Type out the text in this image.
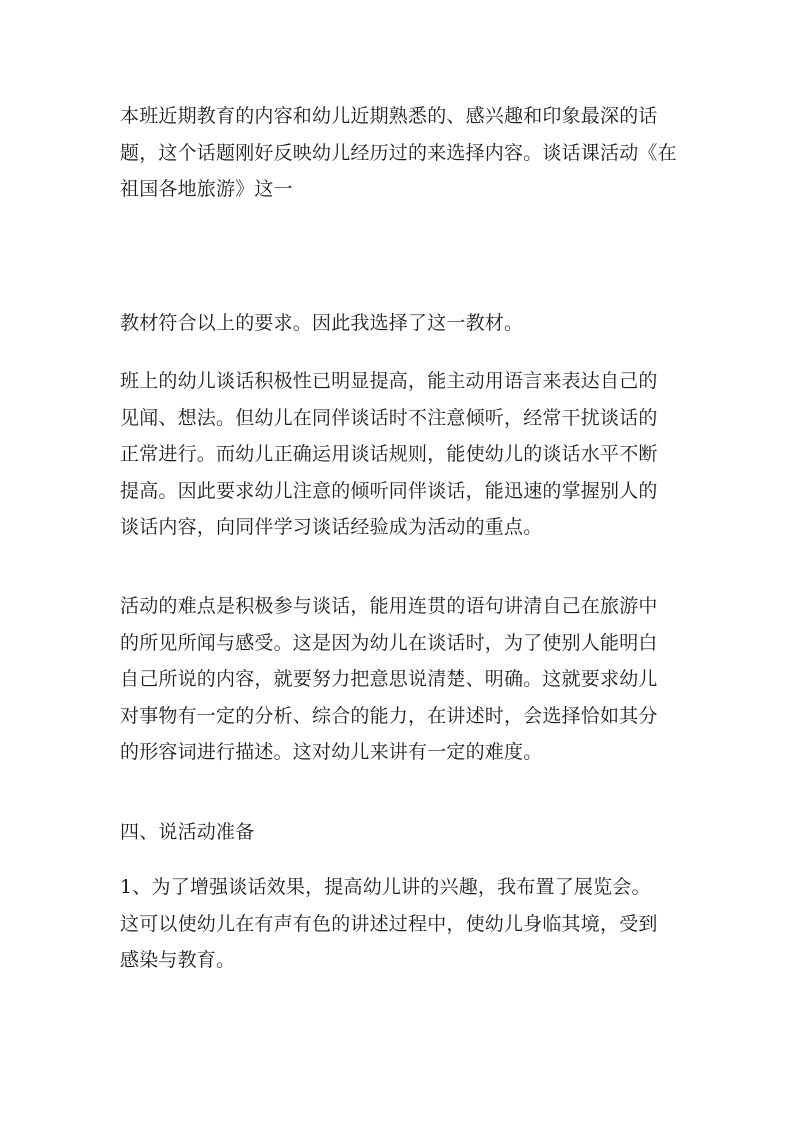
本班近期教育的内容和幼儿近期熟悉的、感兴趣和印象最深的话
题，这个话题刚好反映幼儿经历过的来选择内容。谈话课活动《在
祖国各地旅游》这一

教材符合以上的要求。因此我选择了这一教材。

班上的幼儿谈话积极性已明显提高，能主动用语言来表达自己的
见闻、想法。但幼儿在同伴谈话时不注意倾听，经常干扰谈话的
正常进行。而幼儿正确运用谈话规则，能使幼儿的谈话水平不断
提高。因此要求幼儿注意的倾听同伴谈话，能迅速的掌握别人的
谈话内容，向同伴学习谈话经验成为活动的重点。

活动的难点是积极参与谈话，能用连贯的语句讲清自己在旅游中
的所见所闻与感受。这是因为幼儿在谈话时，为了使别人能明白
自己所说的内容，就要努力把意思说清楚、明确。这就要求幼儿
对事物有一定的分析、综合的能力，在讲述时，会选择恰如其分
的形容词进行描述。这对幼儿来讲有一定的难度。

四、说活动准备

1、为了增强谈话效果，提高幼儿讲的兴趣，我布置了展览会。
这可以使幼儿在有声有色的讲述过程中，使幼儿身临其境，受到
感染与教育。
